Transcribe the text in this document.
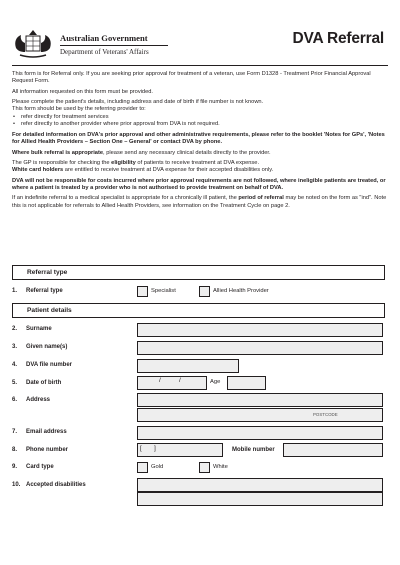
Australian Government
Department of Veterans' Affairs
DVA Referral

This form is for Referral only. If you are seeking prior approval for treatment of a veteran, use Form D1328 - Treatment Prior Financial Approval Request Form.

All information requested on this form must be provided.

Please complete the patient's details, including address and date of birth if file number is not known.

This form should be used by the referring provider to:

• refer directly for treatment services
• refer directly to another provider where prior approval from DVA is not required.

For detailed information on DVA's prior approval and other administrative requirements, please refer to the booklet 'Notes for GPs', 'Notes for Allied Health Providers – Section One – General' or contact DVA by phone.

Where bulk referral is appropriate, please send any necessary clinical details directly to the provider.

The GP is responsible for checking the eligibility of patients to receive treatment at DVA expense.
White card holders are entitled to receive treatment at DVA expense for their accepted disabilities only.

DVA will not be responsible for costs incurred where prior approval requirements are not followed, where ineligible patients are treated, or where a patient is treated by a provider who is not authorised to provide treatment on behalf of DVA.

If an indefinite referral to a medical specialist is appropriate for a chronically ill patient, the period of referral may be noted on the form as "ind". Note this is not applicable for referrals to Allied Health Providers, see information on the Treatment Cycle on page 2.

Referral type
1. Referral type	Specialist	Allied Health Provider
Patient details
2. Surname
3. Given name(s)
4. DVA file number
5. Date of birth	/	/	Age
6. Address
POSTCODE
7. Email address
8. Phone number	[ ]	Mobile number
9. Card type	Gold	White
10. Accepted disabilities
